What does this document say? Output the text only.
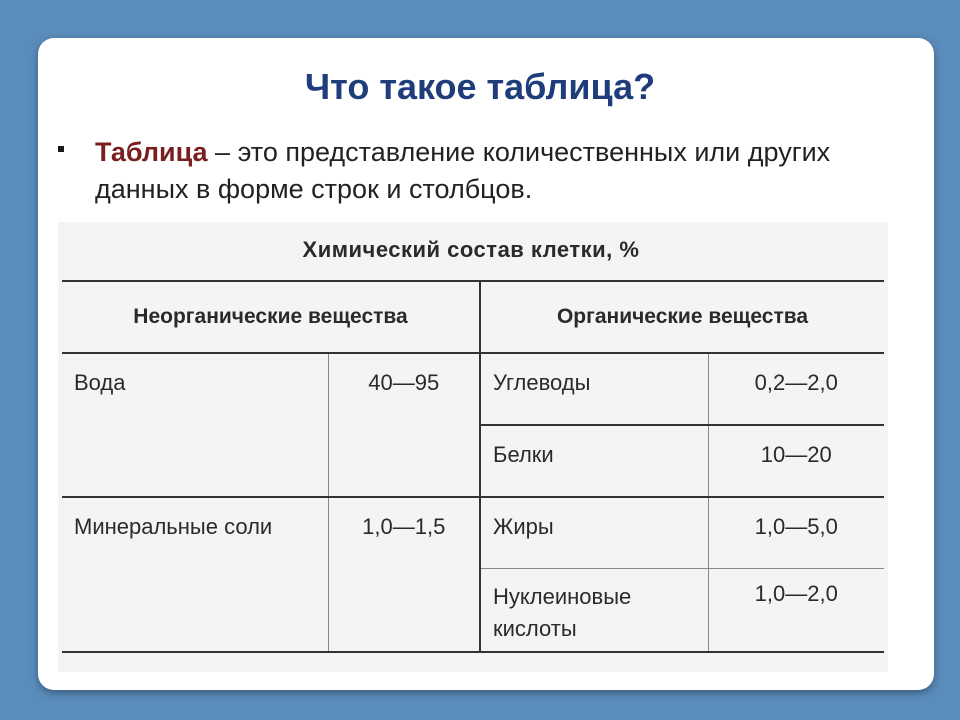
Что такое таблица?
Таблица – это представление количественных или других данных в форме строк и столбцов.
Химический состав клетки, %
Неорганические вещества		Органические вещества	
Вода	40—95	Углеводы	0,2—2,0
		Белки	10—20
Минеральные соли	1,0—1,5	Жиры	1,0—5,0
		Нуклеиновые кислоты	1,0—2,0
